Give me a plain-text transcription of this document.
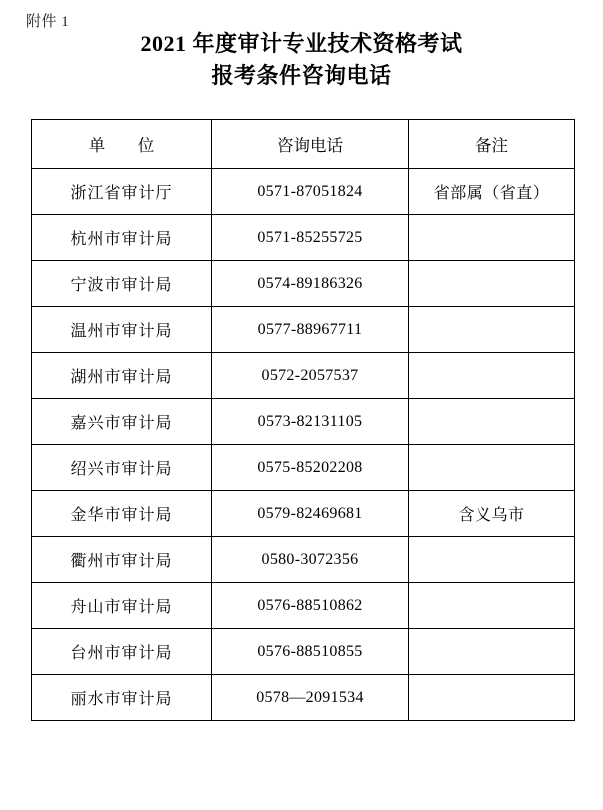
附件 1
2021 年度审计专业技术资格考试
报考条件咨询电话
单　位	咨询电话	备注
浙江省审计厅	0571-87051824	省部属（省直）
杭州市审计局	0571-85255725	
宁波市审计局	0574-89186326	
温州市审计局	0577-88967711	
湖州市审计局	0572-2057537	
嘉兴市审计局	0573-82131105	
绍兴市审计局	0575-85202208	
金华市审计局	0579-82469681	含义乌市
衢州市审计局	0580-3072356	
舟山市审计局	0576-88510862	
台州市审计局	0576-88510855	
丽水市审计局	0578—2091534	
